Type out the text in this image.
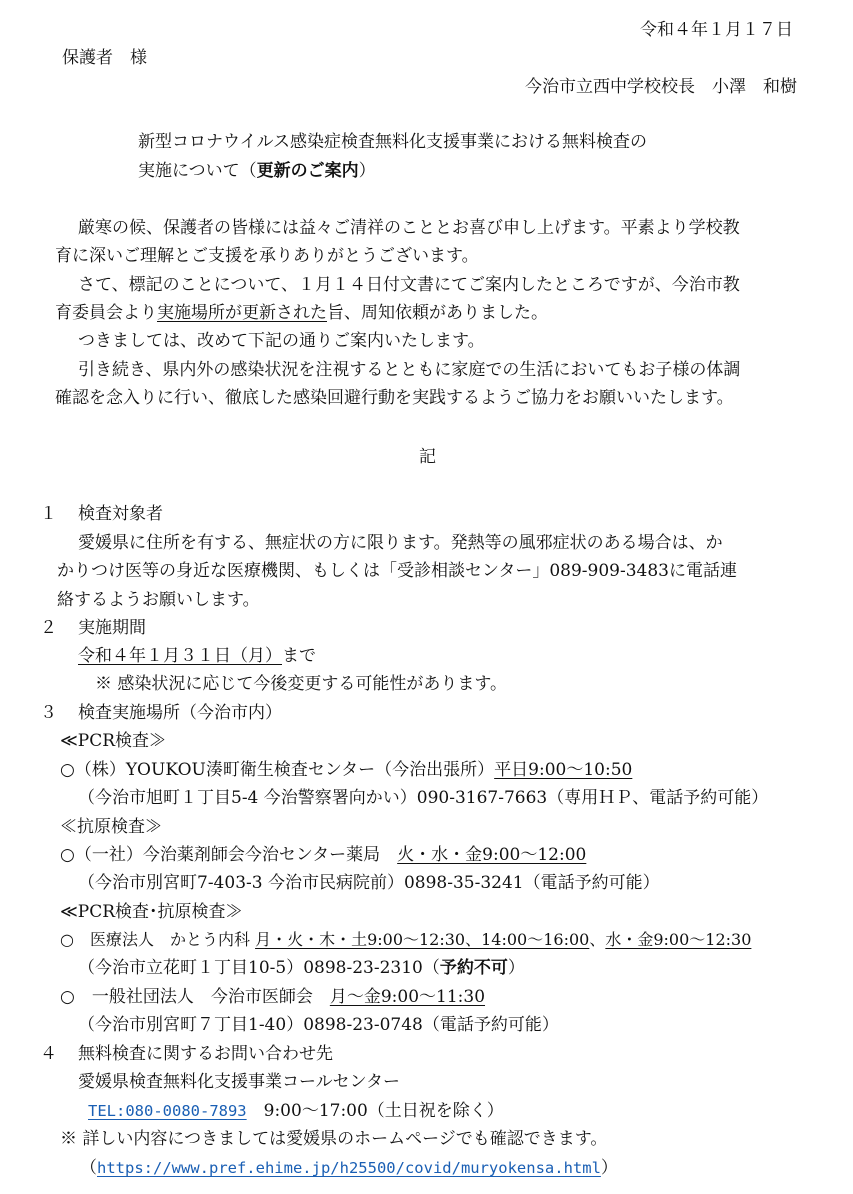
令和４年１月１７日
保護者　様
今治市立西中学校校長　小澤　和樹
新型コロナウイルス感染症検査無料化支援事業における無料検査の
実施について（更新のご案内）
厳寒の候、保護者の皆様には益々ご清祥のこととお喜び申し上げます。平素より学校教
育に深いご理解とご支援を承りありがとうございます。
さて、標記のことについて、１月１４日付文書にてご案内したところですが、今治市教
育委員会より実施場所が更新された旨、周知依頼がありました。
つきましては、改めて下記の通りご案内いたします。
引き続き、県内外の感染状況を注視するとともに家庭での生活においてもお子様の体調
確認を念入りに行い、徹底した感染回避行動を実践するようご協力をお願いいたします。
記
１ 検査対象者
愛媛県に住所を有する、無症状の方に限ります。発熱等の風邪症状のある場合は、か
かりつけ医等の身近な医療機関、もしくは「受診相談センター」089-909-3483に電話連
絡するようお願いします。
２ 実施期間
令和４年１月３１日（月）まで
※ 感染状況に応じて今後変更する可能性があります。
３ 検査実施場所（今治市内）
≪PCR検査≫
○（株）YOUKOU湊町衛生検査センター（今治出張所）平日9:00～10:50
（今治市旭町１丁目5-4 今治警察署向かい）090-3167-7663（専用ＨＰ、電話予約可能）
≪抗原検査≫
○（一社）今治薬剤師会今治センター薬局　火・水・金9:00～12:00
（今治市別宮町7-403-3 今治市民病院前）0898-35-3241（電話予約可能）
≪PCR検査･抗原検査≫
○　医療法人　かとう内科 月・火・木・土9:00～12:30、14:00～16:00、水・金9:00～12:30
（今治市立花町１丁目10-5）0898-23-2310（予約不可）
○　一般社団法人　今治市医師会　月～金9:00～11:30
（今治市別宮町７丁目1-40）0898-23-0748（電話予約可能）
４ 無料検査に関するお問い合わせ先
愛媛県検査無料化支援事業コールセンター
TEL:080-0080-7893　9:00～17:00（土日祝を除く）
※ 詳しい内容につきましては愛媛県のホームページでも確認できます。
（https://www.pref.ehime.jp/h25500/covid/muryokensa.html）
